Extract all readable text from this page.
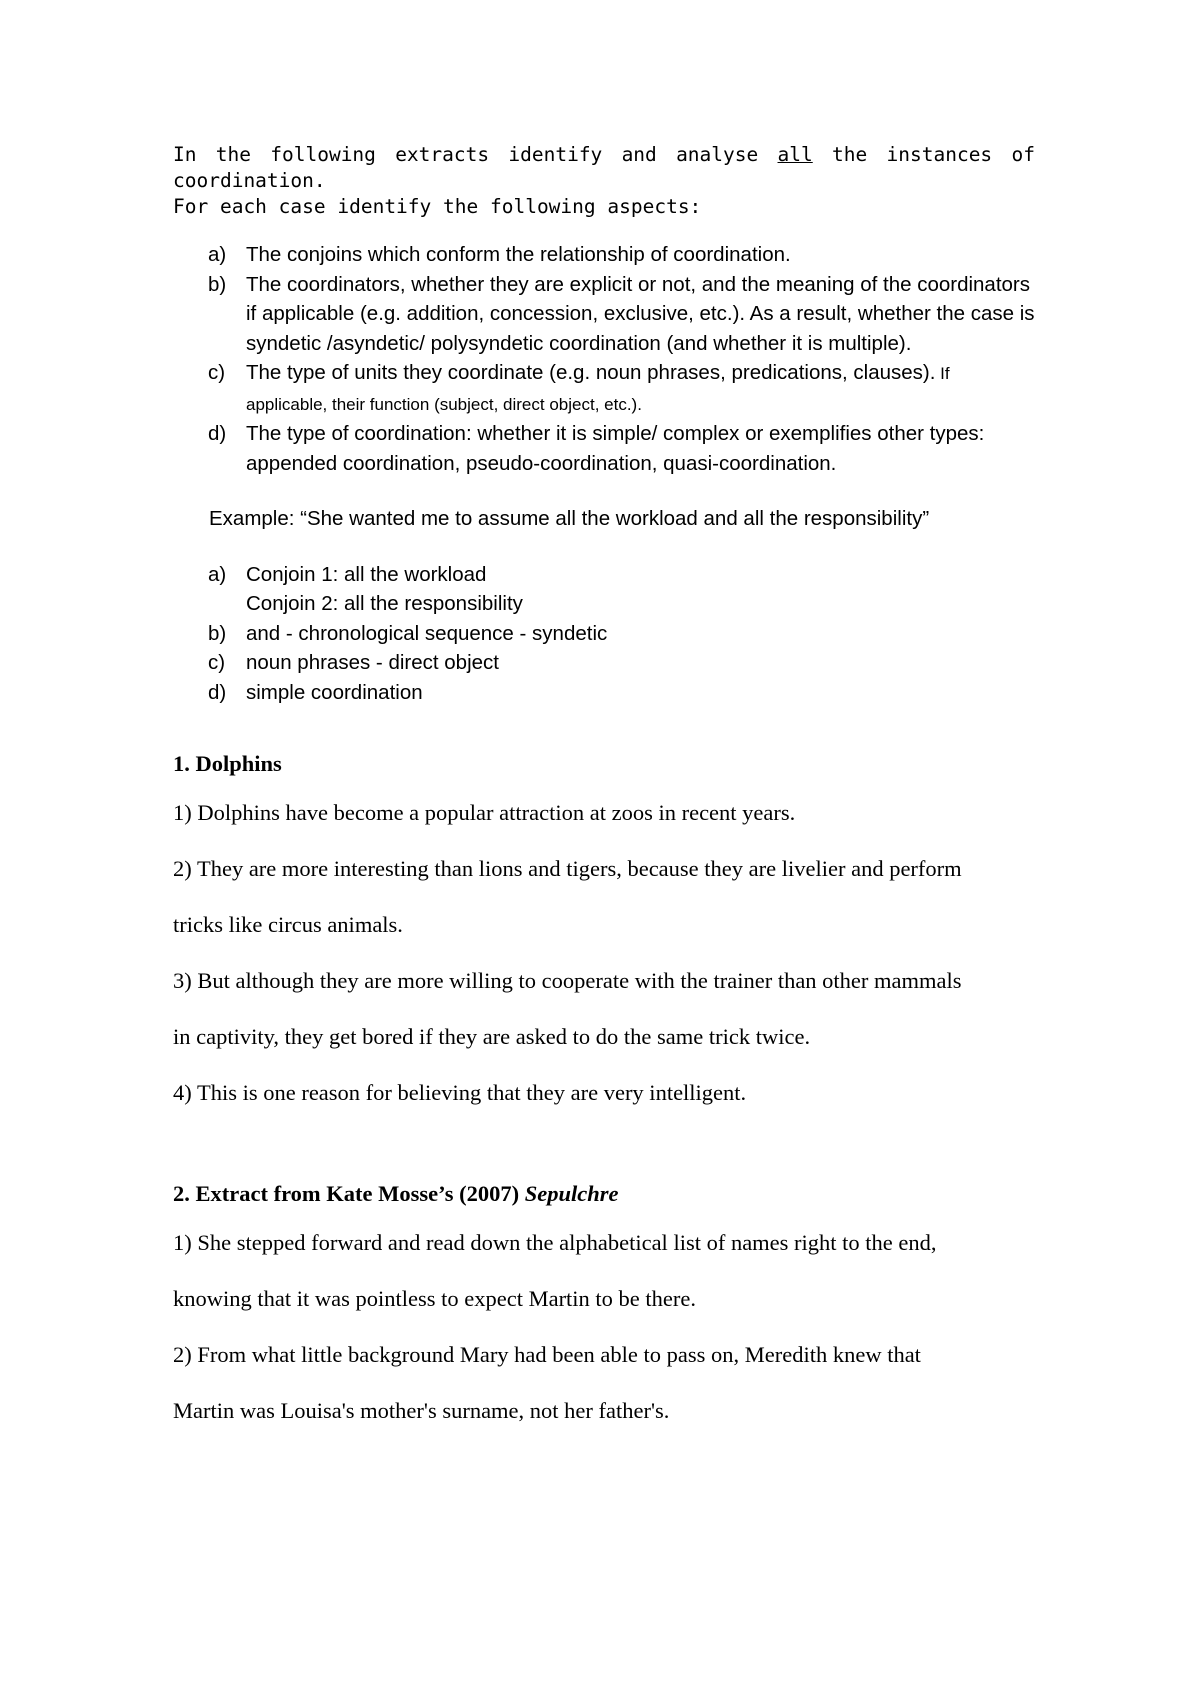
In the following extracts identify and analyse all the instances of
coordination.
For each case identify the following aspects:
a) The conjoins which conform the relationship of coordination.
b) The coordinators, whether they are explicit or not, and the meaning of the coordinators if applicable (e.g. addition, concession, exclusive, etc.). As a result, whether the case is syndetic /asyndetic/ polysyndetic coordination (and whether it is multiple).
c) The type of units they coordinate (e.g. noun phrases, predications, clauses). If applicable, their function (subject, direct object, etc.).
d) The type of coordination: whether it is simple/ complex or exemplifies other types: appended coordination, pseudo-coordination, quasi-coordination.
Example: “She wanted me to assume all the workload and all the responsibility”
a) Conjoin 1: all the workload
Conjoin 2: all the responsibility
b) and - chronological sequence - syndetic
c) noun phrases - direct object
d) simple coordination
1. Dolphins

1) Dolphins have become a popular attraction at zoos in recent years.

2) They are more interesting than lions and tigers, because they are livelier and perform

tricks like circus animals.

3) But although they are more willing to cooperate with the trainer than other mammals

in captivity, they get bored if they are asked to do the same trick twice.

4) This is one reason for believing that they are very intelligent.

2. Extract from Kate Mosse’s (2007) Sepulchre

1) She stepped forward and read down the alphabetical list of names right to the end,

knowing that it was pointless to expect Martin to be there.

2) From what little background Mary had been able to pass on, Meredith knew that

Martin was Louisa's mother's surname, not her father's.
